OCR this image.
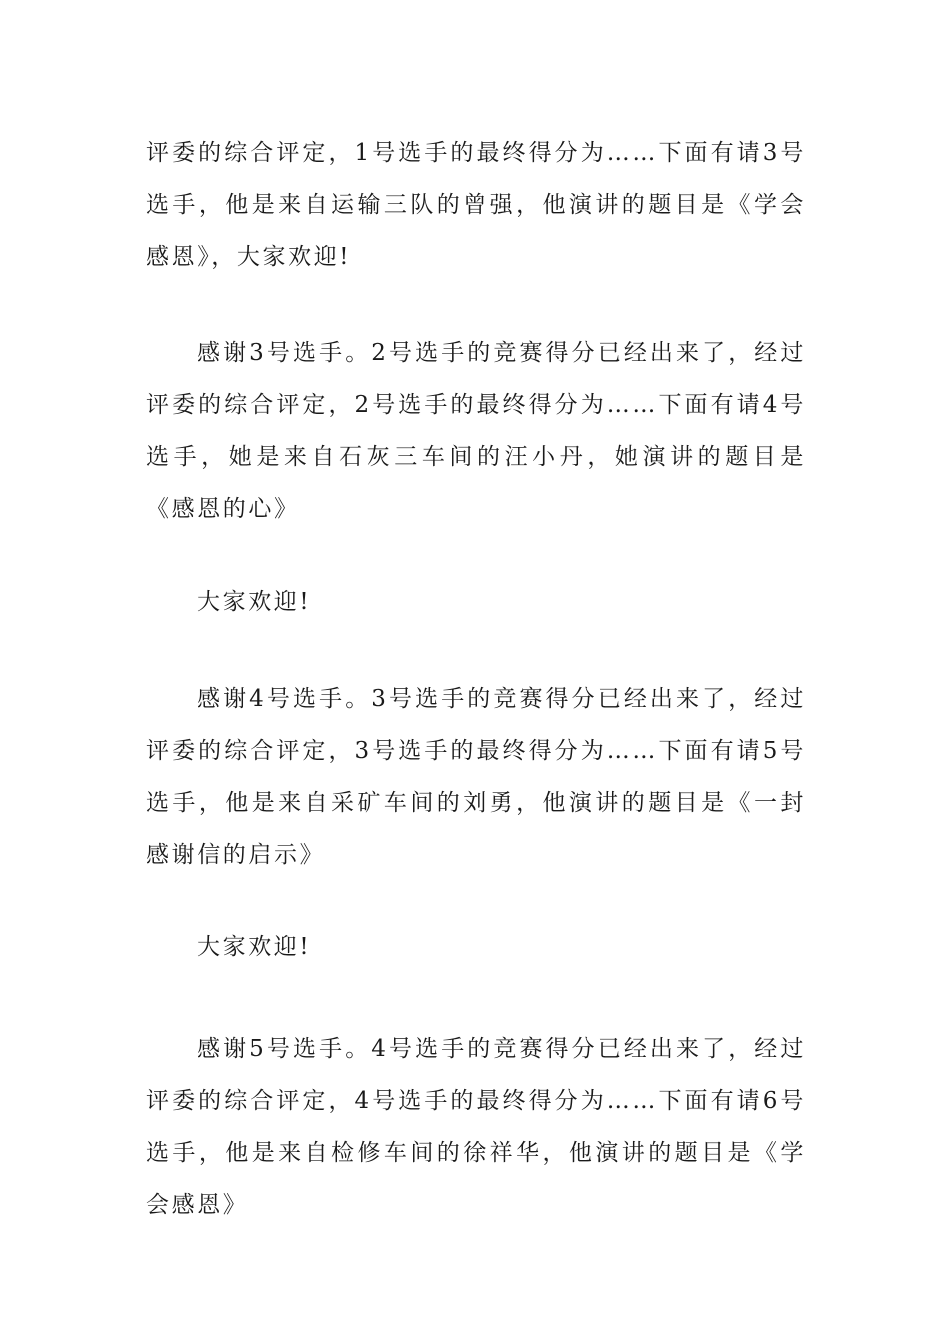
评委的综合评定，1号选手的最终得分为……下面有请3号选手，他是来自运输三队的曾强，他演讲的题目是《学会感恩》，大家欢迎!

感谢3号选手。2号选手的竞赛得分已经出来了，经过评委的综合评定，2号选手的最终得分为……下面有请4号选手，她是来自石灰三车间的汪小丹，她演讲的题目是《感恩的心》

大家欢迎!

感谢4号选手。3号选手的竞赛得分已经出来了，经过评委的综合评定，3号选手的最终得分为……下面有请5号选手，他是来自采矿车间的刘勇，他演讲的题目是《一封感谢信的启示》

大家欢迎!

感谢5号选手。4号选手的竞赛得分已经出来了，经过评委的综合评定，4号选手的最终得分为……下面有请6号选手，他是来自检修车间的徐祥华，他演讲的题目是《学会感恩》
